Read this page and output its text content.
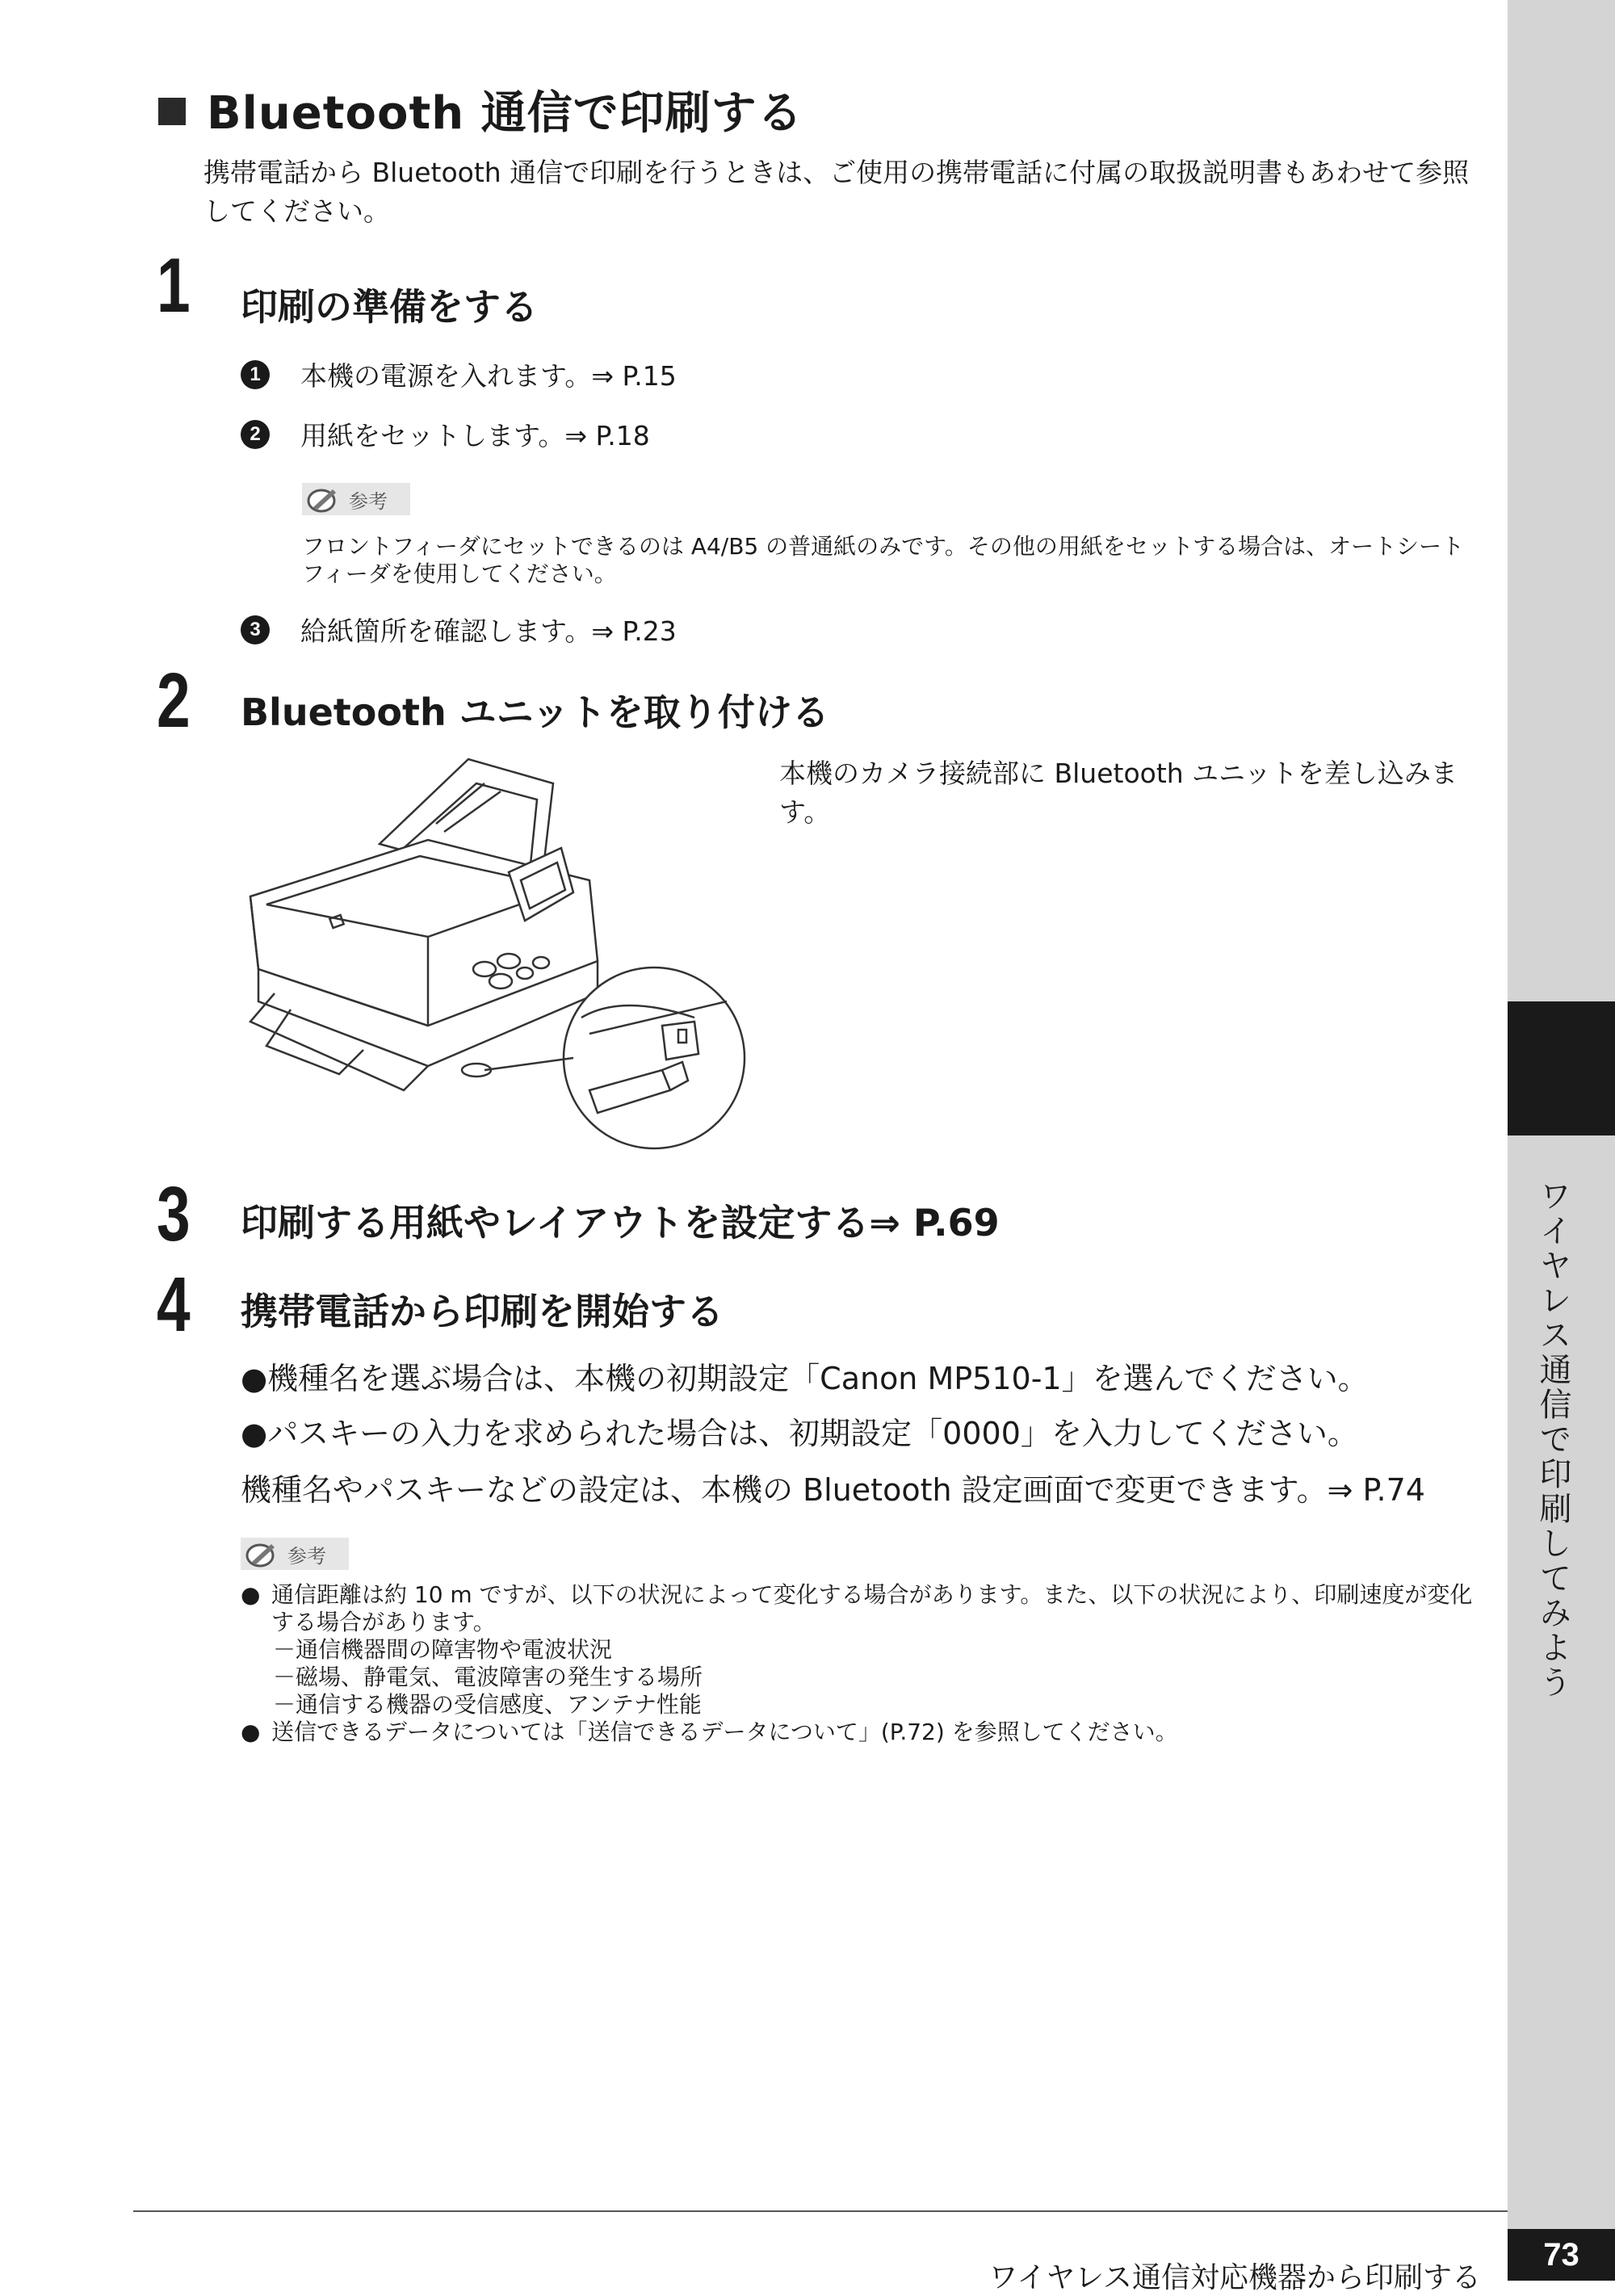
ワイヤレス通信で印刷してみよう
Bluetooth 通信で印刷する
携帯電話から Bluetooth 通信で印刷を行うときは、ご使用の携帯電話に付属の取扱説明書もあわせて参照してください。
1 印刷の準備をする
1	本機の電源を入れます。⇒ P.15
2	用紙をセットします。⇒ P.18
参考
フロントフィーダにセットできるのは A4/B5 の普通紙のみです。その他の用紙をセットする場合は、オートシートフィーダを使用してください。
3	給紙箇所を確認します。⇒ P.23
2 Bluetooth ユニットを取り付ける
本機のカメラ接続部に Bluetooth ユニットを差し込みます。
3 印刷する用紙やレイアウトを設定する⇒ P.69
4 携帯電話から印刷を開始する
●機種名を選ぶ場合は、本機の初期設定「Canon MP510-1」を選んでください。
●パスキーの入力を求められた場合は、初期設定「0000」を入力してください。
機種名やパスキーなどの設定は、本機の Bluetooth 設定画面で変更できます。⇒ P.74
参考
● 通信距離は約 10 m ですが、以下の状況によって変化する場合があります。また、以下の状況により、印刷速度が変化する場合があります。
－通信機器間の障害物や電波状況
－磁場、静電気、電波障害の発生する場所
－通信する機器の受信感度、アンテナ性能
● 送信できるデータについては「送信できるデータについて」(P.72) を参照してください。
ワイヤレス通信対応機器から印刷する
73
